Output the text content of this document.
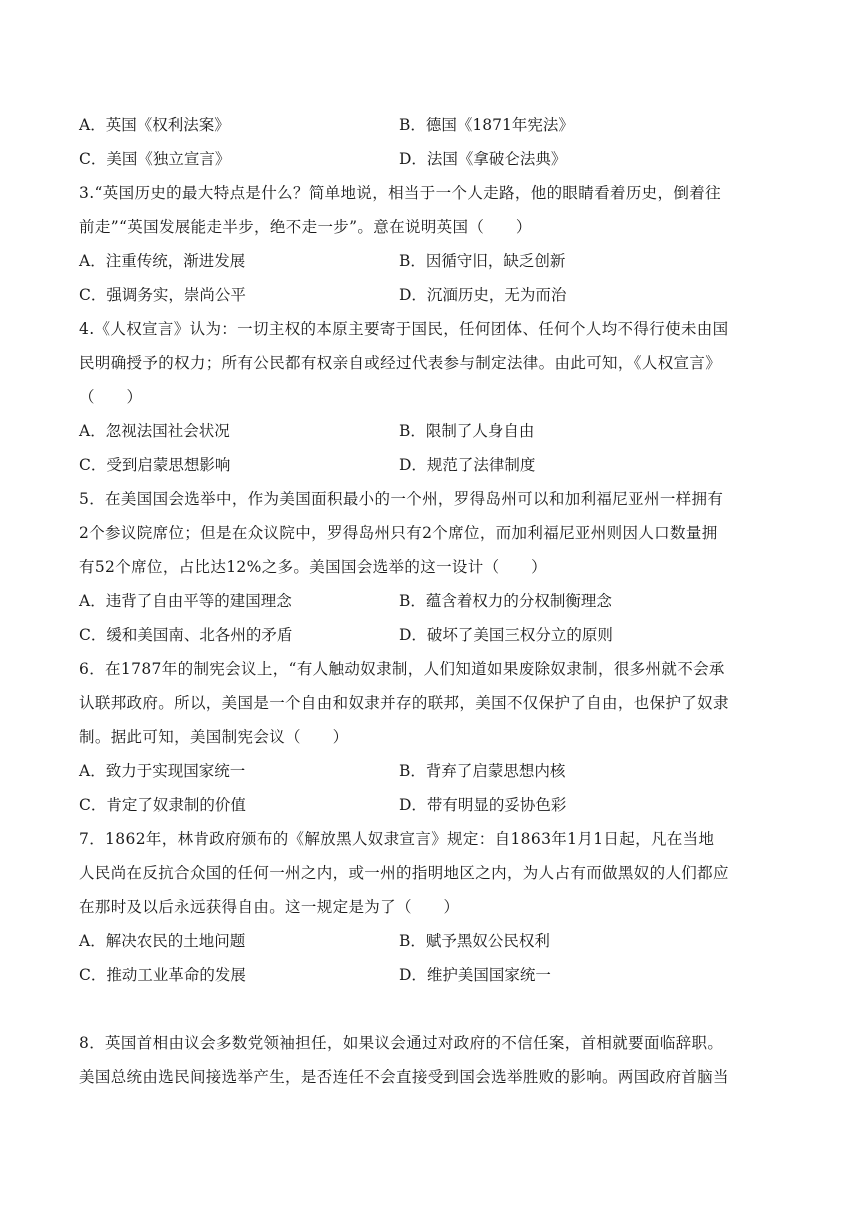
A．英国《权利法案》	B．德国《1871年宪法》
C．美国《独立宣言》	D．法国《拿破仑法典》
3.“英国历史的最大特点是什么？简单地说，相当于一个人走路，他的眼睛看着历史，倒着往
前走”“英国发展能走半步，绝不走一步”。意在说明英国（　　）
A．注重传统，渐进发展	B．因循守旧，缺乏创新
C．强调务实，崇尚公平	D．沉湎历史，无为而治
4.《人权宣言》认为：一切主权的本原主要寄于国民，任何团体、任何个人均不得行使未由国
民明确授予的权力；所有公民都有权亲自或经过代表参与制定法律。由此可知，《人权宣言》
（　　）
A．忽视法国社会状况	B．限制了人身自由
C．受到启蒙思想影响	D．规范了法律制度
5．在美国国会选举中，作为美国面积最小的一个州，罗得岛州可以和加利福尼亚州一样拥有
2个参议院席位；但是在众议院中，罗得岛州只有2个席位，而加利福尼亚州则因人口数量拥
有52个席位，占比达12%之多。美国国会选举的这一设计（　　）
A．违背了自由平等的建国理念	B．蕴含着权力的分权制衡理念
C．缓和美国南、北各州的矛盾	D．破坏了美国三权分立的原则
6．在1787年的制宪会议上，“有人触动奴隶制，人们知道如果废除奴隶制，很多州就不会承
认联邦政府。所以，美国是一个自由和奴隶并存的联邦，美国不仅保护了自由，也保护了奴隶
制。据此可知，美国制宪会议（　　）
A．致力于实现国家统一	B．背弃了启蒙思想内核
C．肯定了奴隶制的价值	D．带有明显的妥协色彩
7．1862年，林肯政府颁布的《解放黑人奴隶宣言》规定：自1863年1月1日起，凡在当地
人民尚在反抗合众国的任何一州之内，或一州的指明地区之内，为人占有而做黑奴的人们都应
在那时及以后永远获得自由。这一规定是为了（　　）
A．解决农民的土地问题	B．赋予黑奴公民权利
C．推动工业革命的发展	D．维护美国国家统一
8．英国首相由议会多数党领袖担任，如果议会通过对政府的不信任案，首相就要面临辞职。
美国总统由选民间接选举产生，是否连任不会直接受到国会选举胜败的影响。两国政府首脑当
